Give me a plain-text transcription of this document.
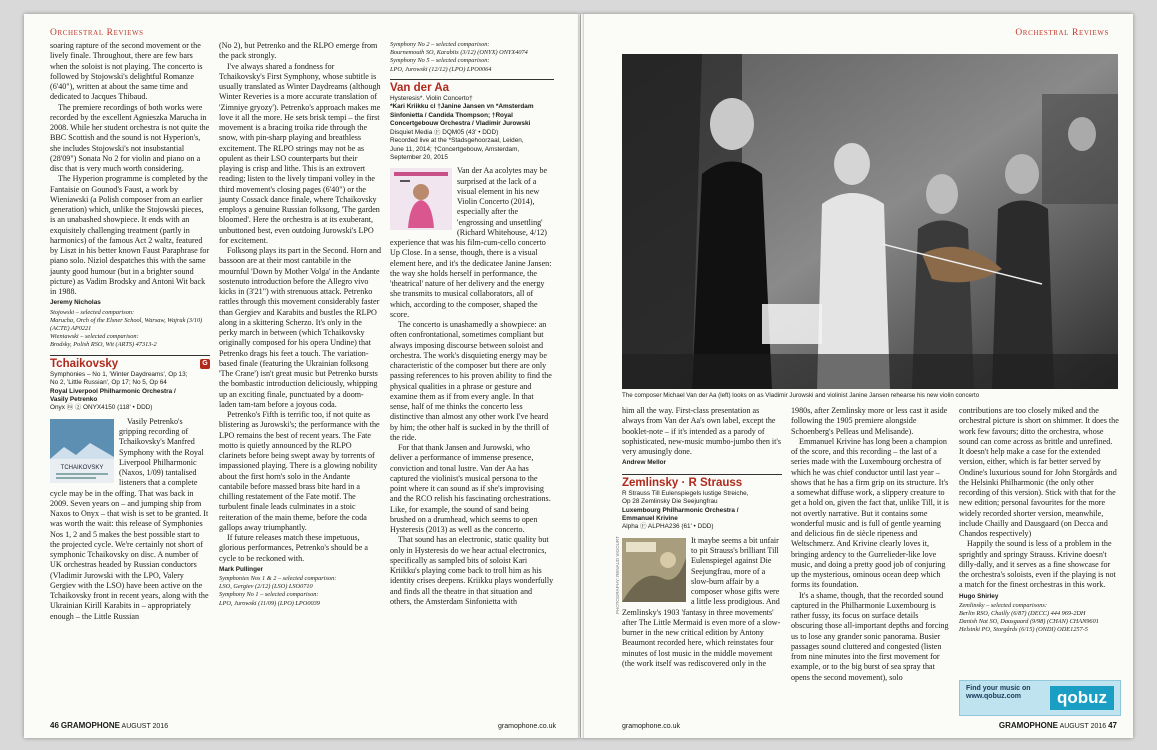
Orchestral Reviews

soaring rapture of the second movement or the lively finale. Throughout, there are few bars when the soloist is not playing. The concerto is followed by Stojowski's delightful Romanze (6'40"), written at about the same time and dedicated to Jacques Thibaud.

The premiere recordings of both works were recorded by the excellent Agnieszka Marucha in 2008. While her student orchestra is not quite the BBC Scottish and the sound is not Hyperion's, she includes Stojowski's not insubstantial (28'09") Sonata No 2 for violin and piano on a disc that is very much worth considering.

The Hyperion programme is completed by the Fantaisie on Gounod's Faust, a work by Wieniawski (a Polish composer from an earlier generation) which, unlike the Stojowski pieces, is an unabashed showpiece. It ends with an exquisitely challenging treatment (partly in harmonics) of the famous Act 2 waltz, featured by Liszt in his better known Faust Paraphrase for piano solo. Niziol despatches this with the same jaunty good humour (but in a brighter sound picture) as Vadim Brodsky and Antoni Wit back in 1988.

Jeremy Nicholas
Stojowski – selected comparison:
Marucha, Orch of the Elsner School, Warsaw, Wajrak (3/10) (ACTE) AP0221
Wieniawski – selected comparison:
Brodsky, Polish RSO, Wit (ARTS) 47313-2
Tchaikovsky	G
Symphonies – No 1, 'Winter Daydreams', Op 13;
No 2, 'Little Russian', Op 17; No 5, Op 64
Royal Liverpool Philharmonic Orchestra /
Vasily Petrenko
Onyx ⓜ ② ONYX4150 (118' • DDD)
TCHAIKOVSKY

Vasily Petrenko's gripping recording of Tchaikovsky's Manfred Symphony with the Royal Liverpool Philharmonic (Naxos, 1/09) tantalised listeners that a complete cycle may be in the offing. That was back in 2009. Seven years on – and jumping ship from Naxos to Onyx – that wish is set to be granted. It was worth the wait: this release of Symphonies Nos 1, 2 and 5 makes the best possible start to the projected cycle. We're certainly not short of symphonic Tchaikovsky on disc. A number of UK orchestras headed by Russian conductors (Vladimir Jurowski with the LPO, Valery Gergiev with the LSO) have been active on the Tchaikovsky front in recent years, along with the Ukrainian Kirill Karabits in – appropriately enough – the Little Russian

(No 2), but Petrenko and the RLPO emerge from the pack strongly.

I've always shared a fondness for Tchaikovsky's First Symphony, whose subtitle is usually translated as Winter Daydreams (although Winter Reveries is a more accurate translation of 'Zimniye gryozy'). Petrenko's approach makes me love it all the more. He sets brisk tempi – the first movement is a bracing troika ride through the snow, with pin-sharp playing and breathless excitement. The RLPO strings may not be as opulent as their LSO counterparts but their playing is crisp and lithe. This is an extrovert reading; listen to the lively timpani volley in the third movement's closing pages (6'40") or the jaunty Cossack dance finale, where Tchaikovsky employs a genuine Russian folksong, 'The garden bloomed'. Here the orchestra is at its exuberant, unbuttoned best, even outdoing Jurowski's LPO for excitement.

Folksong plays its part in the Second. Horn and bassoon are at their most cantabile in the mournful 'Down by Mother Volga' in the Andante sostenuto introduction before the Allegro vivo kicks in (3'21") with strenuous attack. Petrenko rattles through this movement considerably faster than Gergiev and Karabits and bustles the RLPO along in a skittering Scherzo. It's only in the perky march in between (which Tchaikovsky originally composed for his opera Undine) that Petrenko drags his feet a touch. The variation-based finale (featuring the Ukrainian folksong 'The Crane') isn't great music but Petrenko bursts the bombastic introduction deliciously, whipping up an exciting finale, punctuated by a doom-laden tam-tam before a joyous coda.

Petrenko's Fifth is terrific too, if not quite as blistering as Jurowski's; the performance with the LPO remains the best of recent years. The Fate motto is quietly announced by the RLPO clarinets before being swept away by torrents of impassioned playing. There is a glowing nobility about the first horn's solo in the Andante cantabile before massed brass bite hard in a chilling restatement of the Fate motif. The turbulent finale leads culminates in a stoic reiteration of the main theme, before the coda gallops away triumphantly.

If future releases match these impetuous, glorious performances, Petrenko's should be a cycle to be reckoned with.

Mark Pullinger
Symphonies Nos 1 & 2 – selected comparison:
LSO, Gergiev (2/12) (LSO) LSO0710
Symphony No 1 – selected comparison:
LPO, Jurowski (11/09) (LPO) LPO0039
Symphony No 2 – selected comparison:
Bournemouth SO, Karabits (3/12) (ONYX) ONYX4074
Symphony No 5 – selected comparison:
LPO, Jurowski (12/12) (LPO) LPO0064
Van der Aa
Hysteresis*. Violin Concerto†
*Kari Kriikku cl †Janine Jansen vn *Amsterdam
Sinfonietta / Candida Thompson; †Royal
Concertgebouw Orchestra / Vladimir Jurowski
Disquiet Media Ⓕ DQM05 (43' • DDD)
Recorded live at the *Stadsgehoorzaal, Leiden,
June 11, 2014; †Concertgebouw, Amsterdam,
September 20, 2015

Van der Aa acolytes may be surprised at the lack of a visual element in his new Violin Concerto (2014), especially after the 'engrossing and unsettling' (Richard Whitehouse, 4/12) experience that was his film-cum-cello concerto Up Close. In a sense, though, there is a visual element here, and it's the dedicatee Janine Jansen: the way she holds herself in performance, the 'theatrical' nature of her delivery and the energy she transmits to musical collaborators, all of which, according to the composer, shaped the score.

The concerto is unashamedly a showpiece: an often confrontational, sometimes compliant but always imposing discourse between soloist and orchestra. The work's disquieting energy may be characteristic of the composer but there are only passing references to his proven ability to find the physical qualities in a phrase or gesture and examine them as if from every angle. In that sense, half of me thinks the concerto less distinctive than almost any other work I've heard by him; the other half is sucked in by the thrill of the ride.

For that thank Jansen and Jurowski, who deliver a performance of immense presence, conviction and tonal lustre. Van der Aa has captured the violinist's musical persona to the point where it can sound as if she's improvising and the RCO relish his fascinating orchestrations. Like, for example, the sound of sand being brushed on a drumhead, which seems to open Hysteresis (2013) as well as the concerto.

That sound has an electronic, static quality but only in Hysteresis do we hear actual electronics, specifically as sampled bits of soloist Kari Kriikku's playing come back to troll him as his identity crises deepens. Kriikku plays wonderfully and finds all the theatre in that situation and others, the Amsterdam Sinfonietta with

46 GRAMOPHONE AUGUST 2016	gramophone.co.uk
Orchestral Reviews
The composer Michael Van der Aa (left) looks on as Vladimir Jurowski and violinist Janine Jansen rehearse his new violin concerto
PHOTOGRAPHY: RENAUD VIGOURT

him all the way. First-class presentation as always from Van der Aa's own label, except the booklet-note – if it's intended as a parody of sophisticated, new-music mumbo-jumbo then it's very amusingly done.

Andrew Mellor
Zemlinsky · R Strauss
R Strauss Till Eulenspiegels lustige Streiche,
Op 28 Zemlinsky Die Seejungfrau
Luxembourg Philharmonic Orchestra /
Emmanuel Krivine
Alpha Ⓕ ALPHA236 (61' • DDD)

It maybe seems a bit unfair to pit Strauss's brilliant Till Eulenspiegel against Die Seejungfrau, more of a slow-burn affair by a composer whose gifts were a little less prodigious. And Zemlinsky's 1903 'fantasy in three movements' after The Little Mermaid is even more of a slow-burner in the new critical edition by Antony Beaumont recorded here, which reinstates four minutes of lost music in the middle movement (the work itself was rediscovered only in the

1980s, after Zemlinsky more or less cast it aside following the 1905 premiere alongside Schoenberg's Pelleas und Melisande).

Emmanuel Krivine has long been a champion of the score, and this recording – the last of a series made with the Luxembourg orchestra of which he was chief conductor until last year – shows that he has a firm grip on its structure. It's a somewhat diffuse work, a slippery creature to get a hold on, given the fact that, unlike Till, it is not overtly narrative. But it contains some wonderful music and is full of gentle yearning and delicious fin de siècle ripeness and Weltschmerz. And Krivine clearly loves it, bringing ardency to the Gurrelieder-like love music, and doing a pretty good job of conjuring up the mysterious, ominous ocean deep which forms its foundation.

It's a shame, though, that the recorded sound captured in the Philharmonie Luxembourg is rather fussy, its focus on surface details obscuring those all-important depths and forcing us to lose any grander sonic panorama. Busier passages sound cluttered and congested (listen from nine minutes into the first movement for example, or to the big burst of sea spray that opens the second movement), solo

contributions are too closely miked and the orchestral picture is short on shimmer. It does the work few favours; ditto the orchestra, whose sound can come across as brittle and unrefined. It doesn't help make a case for the extended version, either, which is far better served by Ondine's luxurious sound for John Storgårds and the Helsinki Philharmonic (the only other recording of this version). Stick with that for the new edition; personal favourites for the more widely recorded shorter version, meanwhile, include Chailly and Dausgaard (on Decca and Chandos respectively)

Happily the sound is less of a problem in the sprightly and springy Strauss. Krivine doesn't dilly-dally, and it serves as a fine showcase for the orchestra's soloists, even if the playing is not a match for the finest orchestras in this work.

Hugo Shirley
Zemlinsky – selected comparisons:
Berlin RSO, Chailly (6/87) (DECC) 444 969-2DH
Danish Nat SO, Dausgaard (9/98) (CHAN) CHAN9601
Helsinki PO, Storgårds (6/15) (ONDI) ODE1257-5
Find your music on www.qobuz.com	qobuz
gramophone.co.uk	GRAMOPHONE AUGUST 2016 47
